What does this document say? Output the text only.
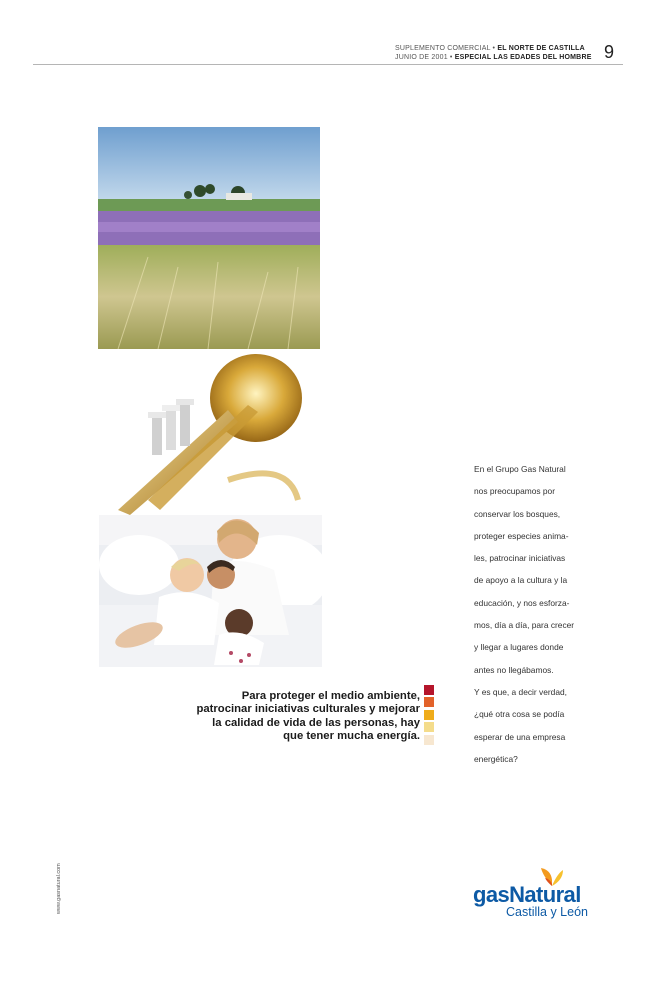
SUPLEMENTO COMERCIAL • EL NORTE DE CASTILLA
JUNIO DE 2001 • ESPECIAL LAS EDADES DEL HOMBRE 9
Para proteger el medio ambiente,
patrocinar iniciativas culturales y mejorar
la calidad de vida de las personas, hay
que tener mucha energía.
En el Grupo Gas Natural
nos preocupamos por
conservar los bosques,
proteger especies anima-
les, patrocinar iniciativas
de apoyo a la cultura y la
educación, y nos esforza-
mos, día a día, para crecer
y llegar a lugares donde
antes no llegábamos.
Y es que, a decir verdad,
¿qué otra cosa se podía
esperar de una empresa
energética?
www.gasnatural.com	gasNatural
Castilla y León
